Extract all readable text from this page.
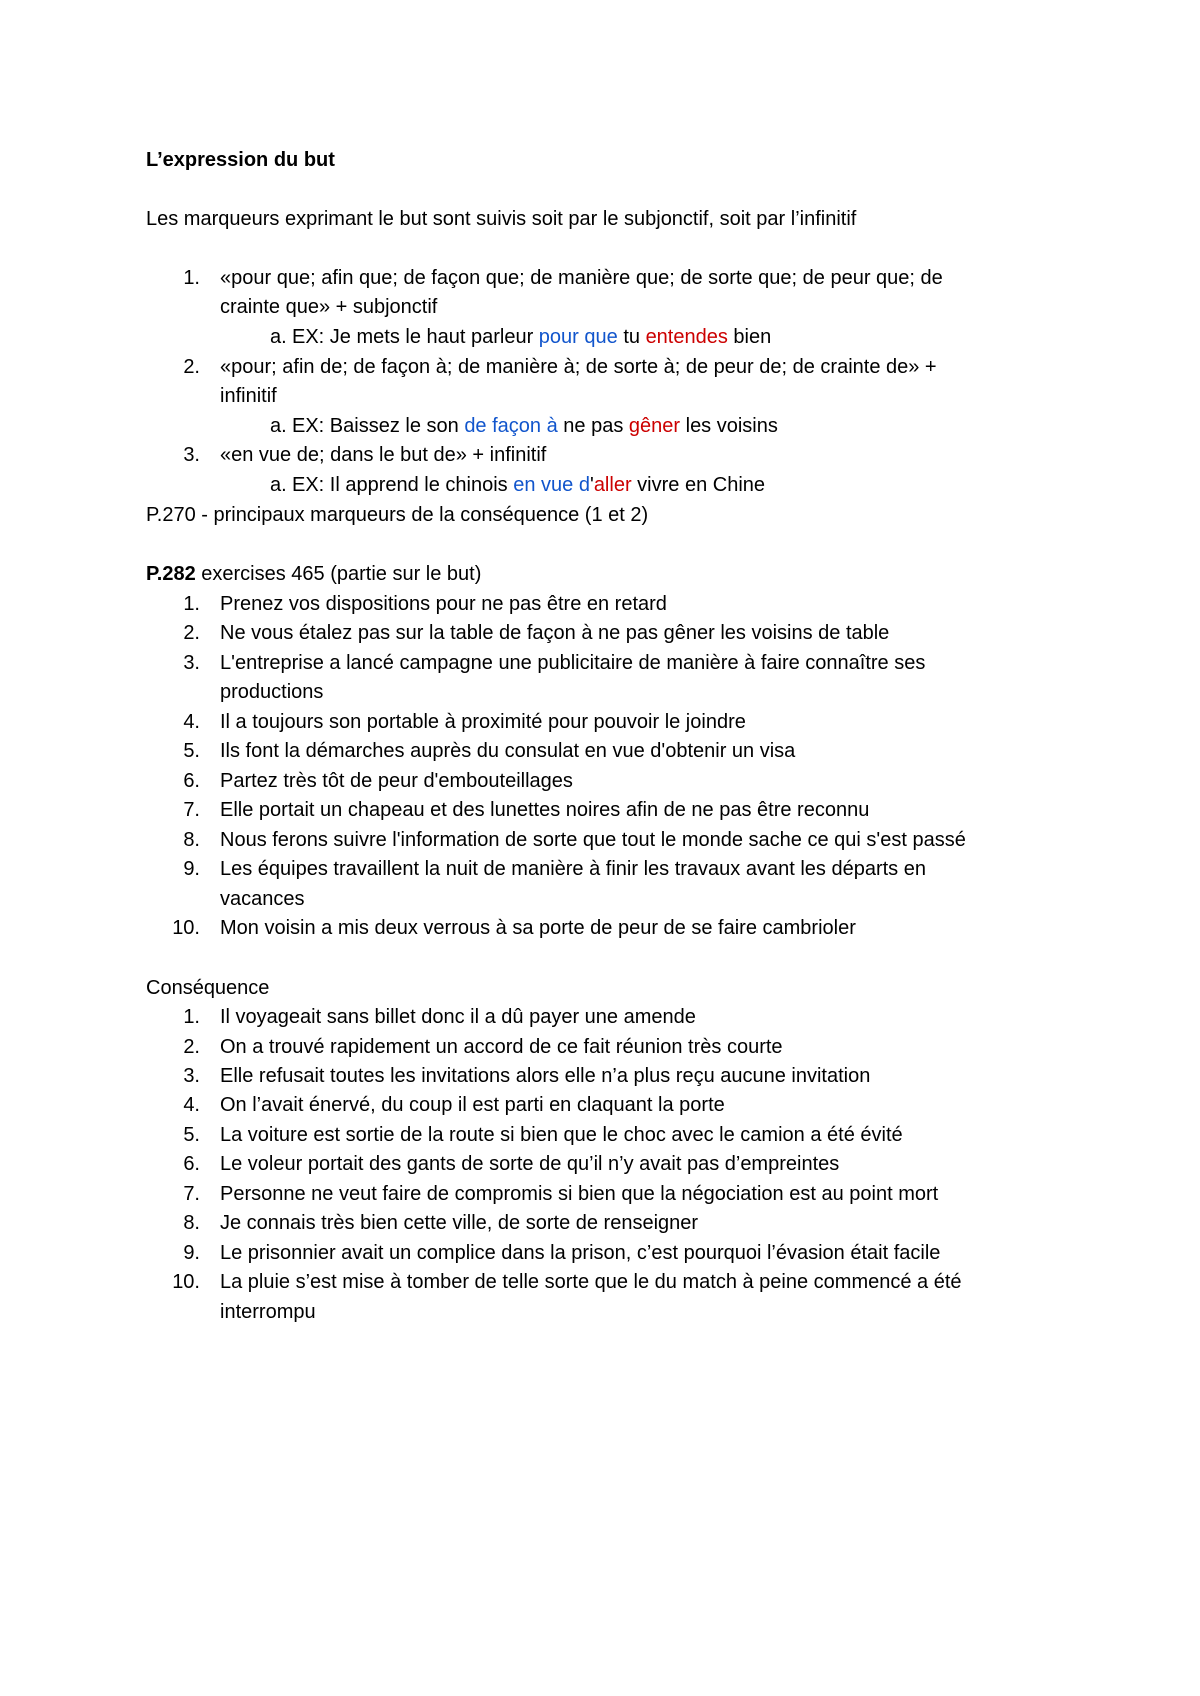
L’expression du but
Les marqueurs exprimant le but sont suivis soit par le subjonctif, soit par l’infinitif
1. «pour que; afin que; de façon que; de manière que; de sorte que; de peur que; de
crainte que» + subjonctif
a. EX: Je mets le haut parleur pour que tu entendes bien
2. «pour; afin de; de façon à; de manière à; de sorte à; de peur de; de crainte de» +
infinitif
a. EX: Baissez le son de façon à ne pas gêner les voisins
3. «en vue de; dans le but de» + infinitif
a. EX: Il apprend le chinois en vue d'aller vivre en Chine
P.270 - principaux marqueurs de la conséquence (1 et 2)
P.282 exercises 465 (partie sur le but)
1. Prenez vos dispositions pour ne pas être en retard
2. Ne vous étalez pas sur la table de façon à ne pas gêner les voisins de table
3. L'entreprise a lancé campagne une publicitaire de manière à faire connaître ses
productions
4. Il a toujours son portable à proximité pour pouvoir le joindre
5. Ils font la démarches auprès du consulat en vue d'obtenir un visa
6. Partez très tôt de peur d'embouteillages
7. Elle portait un chapeau et des lunettes noires afin de ne pas être reconnu
8. Nous ferons suivre l'information de sorte que tout le monde sache ce qui s'est passé
9. Les équipes travaillent la nuit de manière à finir les travaux avant les départs en
vacances
10. Mon voisin a mis deux verrous à sa porte de peur de se faire cambrioler
Conséquence
1. Il voyageait sans billet donc il a dû payer une amende
2. On a trouvé rapidement un accord de ce fait réunion très courte
3. Elle refusait toutes les invitations alors elle n’a plus reçu aucune invitation
4. On l’avait énervé, du coup il est parti en claquant la porte
5. La voiture est sortie de la route si bien que le choc avec le camion a été évité
6. Le voleur portait des gants de sorte de qu’il n’y avait pas d’empreintes
7. Personne ne veut faire de compromis si bien que la négociation est au point mort
8. Je connais très bien cette ville, de sorte de renseigner
9. Le prisonnier avait un complice dans la prison, c’est pourquoi l’évasion était facile
10. La pluie s’est mise à tomber de telle sorte que le du match à peine commencé a été
interrompu
